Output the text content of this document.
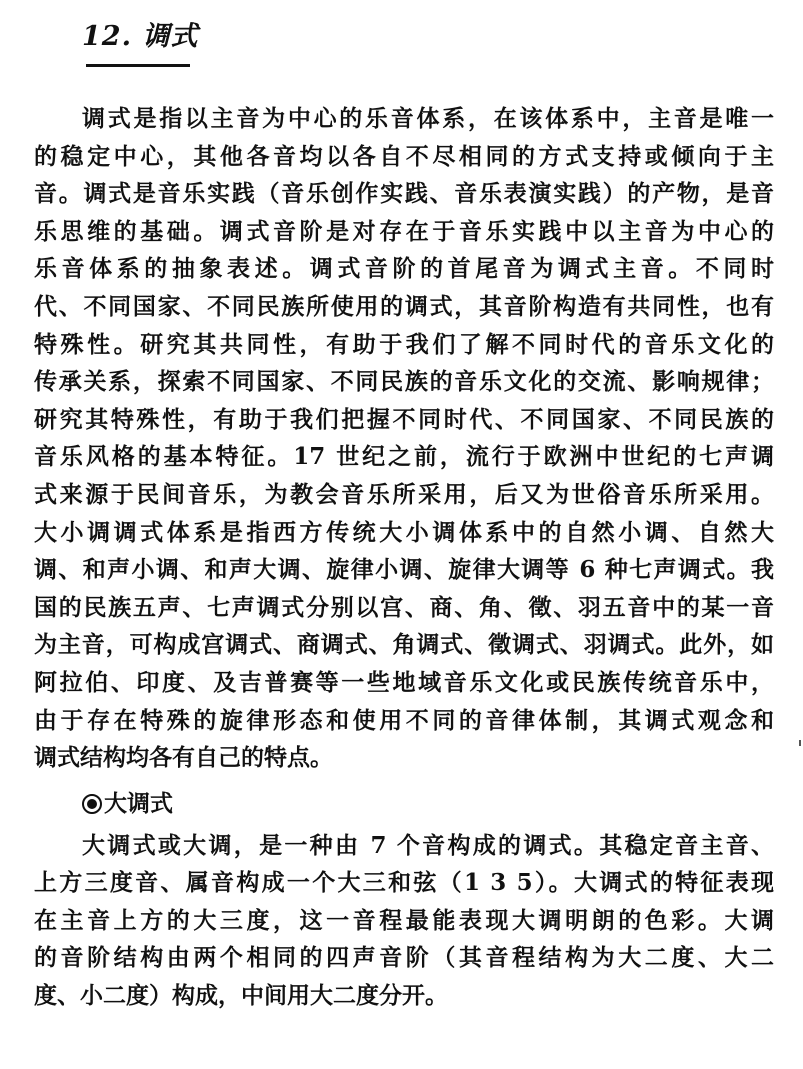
12. 调式
调式是指以主音为中心的乐音体系，在该体系中，主音是唯一
的稳定中心，其他各音均以各自不尽相同的方式支持或倾向于主
音。调式是音乐实践（音乐创作实践、音乐表演实践）的产物，是音
乐思维的基础。调式音阶是对存在于音乐实践中以主音为中心的
乐音体系的抽象表述。调式音阶的首尾音为调式主音。不同时
代、不同国家、不同民族所使用的调式，其音阶构造有共同性，也有
特殊性。研究其共同性，有助于我们了解不同时代的音乐文化的
传承关系，探索不同国家、不同民族的音乐文化的交流、影响规律；
研究其特殊性，有助于我们把握不同时代、不同国家、不同民族的
音乐风格的基本特征。17 世纪之前，流行于欧洲中世纪的七声调
式来源于民间音乐，为教会音乐所采用，后又为世俗音乐所采用。
大小调调式体系是指西方传统大小调体系中的自然小调、自然大
调、和声小调、和声大调、旋律小调、旋律大调等 6 种七声调式。我
国的民族五声、七声调式分别以宫、商、角、徵、羽五音中的某一音
为主音，可构成宫调式、商调式、角调式、徵调式、羽调式。此外，如
阿拉伯、印度、及吉普赛等一些地域音乐文化或民族传统音乐中，
由于存在特殊的旋律形态和使用不同的音律体制，其调式观念和
调式结构均各有自己的特点。
大调式
大调式或大调，是一种由 7 个音构成的调式。其稳定音主音、
上方三度音、属音构成一个大三和弦（1 3 5）。大调式的特征表现
在主音上方的大三度，这一音程最能表现大调明朗的色彩。大调
的音阶结构由两个相同的四声音阶（其音程结构为大二度、大二
度、小二度）构成，中间用大二度分开。
